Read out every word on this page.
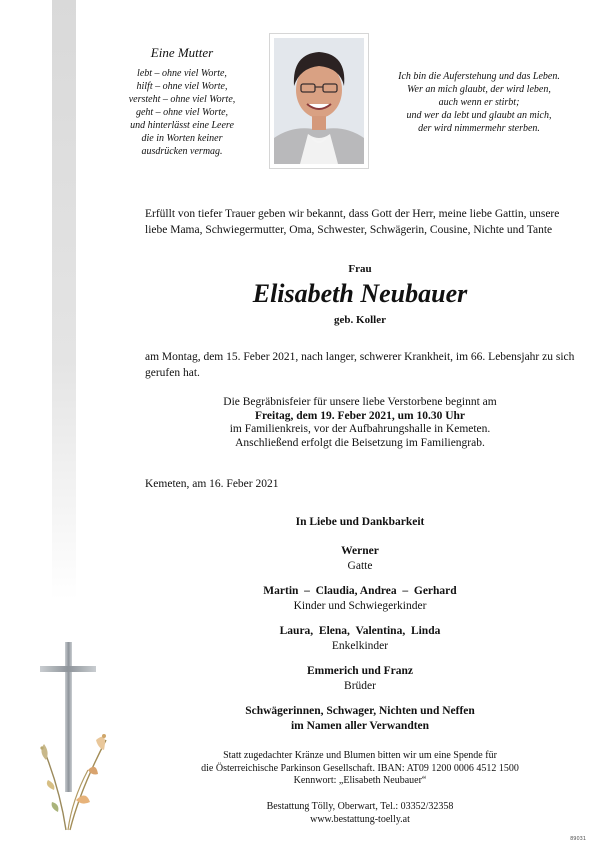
Eine Mutter
lebt – ohne viel Worte,
hilft – ohne viel Worte,
versteht – ohne viel Worte,
geht – ohne viel Worte,
und hinterlässt eine Leere
die in Worten keiner
ausdrücken vermag.
Ich bin die Auferstehung und das Leben.
Wer an mich glaubt, der wird leben,
auch wenn er stirbt;
und wer da lebt und glaubt an mich,
der wird nimmermehr sterben.
Erfüllt von tiefer Trauer geben wir bekannt, dass Gott der Herr, meine liebe Gattin, unsere liebe Mama, Schwiegermutter, Oma, Schwester, Schwägerin, Cousine, Nichte und Tante
Frau
Elisabeth Neubauer
geb. Koller
am Montag, dem 15. Feber 2021, nach langer, schwerer Krankheit, im 66. Lebensjahr zu sich gerufen hat.
Die Begräbnisfeier für unsere liebe Verstorbene beginnt am
Freitag, dem 19. Feber 2021, um 10.30 Uhr
im Familienkreis, vor der Aufbahrungshalle in Kemeten.
Anschließend erfolgt die Beisetzung im Familiengrab.
Kemeten, am 16. Feber 2021
In Liebe und Dankbarkeit
Werner
Gatte
Martin  –  Claudia, Andrea  –  Gerhard
Kinder und Schwiegerkinder
Laura,  Elena,  Valentina,  Linda
Enkelkinder
Emmerich und Franz
Brüder
Schwägerinnen, Schwager, Nichten und Neffen
im Namen aller Verwandten
Statt zugedachter Kränze und Blumen bitten wir um eine Spende für
die Österreichische Parkinson Gesellschaft. IBAN: AT09 1200 0006 4512 1500
Kennwort: „Elisabeth Neubauer“
Bestattung Tölly, Oberwart, Tel.: 03352/32358
www.bestattung-toelly.at
89031
